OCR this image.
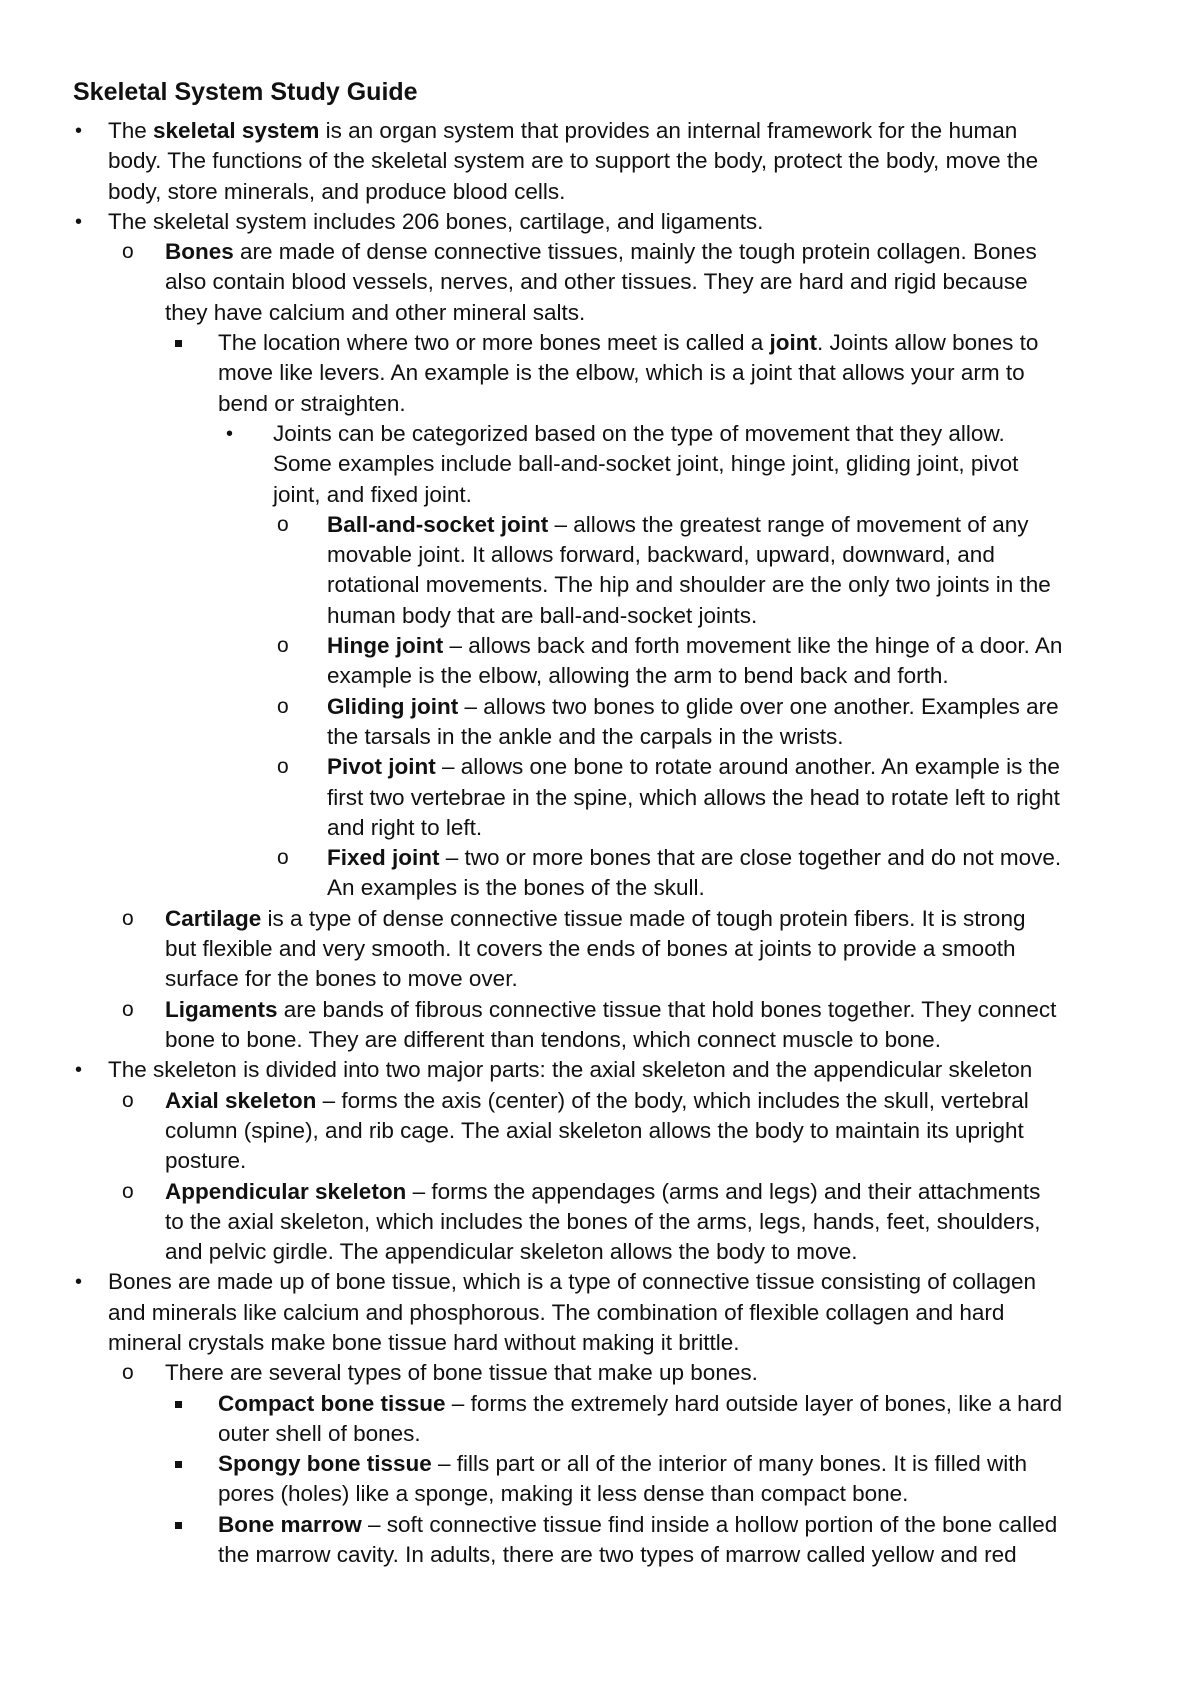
Skeletal System Study Guide
•	The skeletal system is an organ system that provides an internal framework for the human
body. The functions of the skeletal system are to support the body, protect the body, move the
body, store minerals, and produce blood cells.
•	The skeletal system includes 206 bones, cartilage, and ligaments.
o	Bones are made of dense connective tissues, mainly the tough protein collagen. Bones
also contain blood vessels, nerves, and other tissues. They are hard and rigid because
they have calcium and other mineral salts.
The location where two or more bones meet is called a joint. Joints allow bones to
move like levers. An example is the elbow, which is a joint that allows your arm to
bend or straighten.
•	Joints can be categorized based on the type of movement that they allow.
Some examples include ball-and-socket joint, hinge joint, gliding joint, pivot
joint, and fixed joint.
o	Ball-and-socket joint – allows the greatest range of movement of any
movable joint. It allows forward, backward, upward, downward, and
rotational movements. The hip and shoulder are the only two joints in the
human body that are ball-and-socket joints.
o	Hinge joint – allows back and forth movement like the hinge of a door. An
example is the elbow, allowing the arm to bend back and forth.
o	Gliding joint – allows two bones to glide over one another. Examples are
the tarsals in the ankle and the carpals in the wrists.
o	Pivot joint – allows one bone to rotate around another. An example is the
first two vertebrae in the spine, which allows the head to rotate left to right
and right to left.
o	Fixed joint – two or more bones that are close together and do not move.
An examples is the bones of the skull.
o	Cartilage is a type of dense connective tissue made of tough protein fibers. It is strong
but flexible and very smooth. It covers the ends of bones at joints to provide a smooth
surface for the bones to move over.
o	Ligaments are bands of fibrous connective tissue that hold bones together. They connect
bone to bone. They are different than tendons, which connect muscle to bone.
•	The skeleton is divided into two major parts: the axial skeleton and the appendicular skeleton
o	Axial skeleton – forms the axis (center) of the body, which includes the skull, vertebral
column (spine), and rib cage. The axial skeleton allows the body to maintain its upright
posture.
o	Appendicular skeleton – forms the appendages (arms and legs) and their attachments
to the axial skeleton, which includes the bones of the arms, legs, hands, feet, shoulders,
and pelvic girdle. The appendicular skeleton allows the body to move.
•	Bones are made up of bone tissue, which is a type of connective tissue consisting of collagen
and minerals like calcium and phosphorous. The combination of flexible collagen and hard
mineral crystals make bone tissue hard without making it brittle.
o	There are several types of bone tissue that make up bones.
Compact bone tissue – forms the extremely hard outside layer of bones, like a hard
outer shell of bones.
Spongy bone tissue – fills part or all of the interior of many bones. It is filled with
pores (holes) like a sponge, making it less dense than compact bone.
Bone marrow – soft connective tissue find inside a hollow portion of the bone called
the marrow cavity. In adults, there are two types of marrow called yellow and red
